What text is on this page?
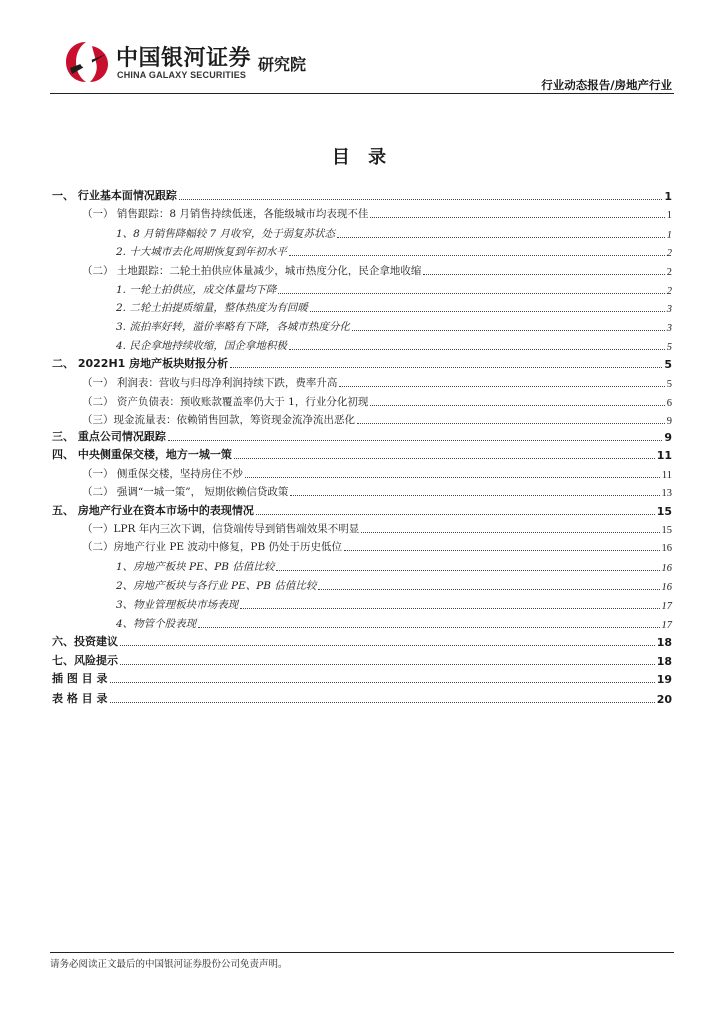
中国银河证券
CHINA GALAXY SECURITIES
研究院
行业动态报告/房地产行业
目 录
一、 行业基本面情况跟踪	1
（一） 销售跟踪：8 月销售持续低迷，各能级城市均表现不佳	1
1、8 月销售降幅较 7 月收窄，处于弱复苏状态	1
2. 十大城市去化周期恢复到年初水平	2
（二） 土地跟踪：二轮土拍供应体量减少，城市热度分化，民企拿地收缩	2
1. 一轮土拍供应，成交体量均下降	2
2. 二轮土拍提质缩量，整体热度为有回暖	3
3. 流拍率好转，溢价率略有下降，各城市热度分化	3
4. 民企拿地持续收缩，国企拿地积极	5
二、 2022H1 房地产板块财报分析	5
（一） 利润表：营收与归母净利润持续下跌，费率升高	5
（二） 资产负债表：预收账款覆盖率仍大于 1，行业分化初现	6
（三）现金流量表：依赖销售回款，筹资现金流净流出恶化	9
三、 重点公司情况跟踪	9
四、 中央侧重保交楼，地方一城一策	11
（一） 侧重保交楼，坚持房住不炒	11
（二） 强调“一城一策”， 短期依赖信贷政策	13
五、 房地产行业在资本市场中的表现情况	15
（一）LPR 年内三次下调，信贷端传导到销售端效果不明显	15
（二）房地产行业 PE 波动中修复，PB 仍处于历史低位	16
1、房地产板块 PE、PB 估值比较	16
2、房地产板块与各行业 PE、PB 估值比较	16
3、物业管理板块市场表现	17
4、物管个股表现	17
六、投资建议	18
七、风险提示	18
插 图 目 录	19
表 格 目 录	20
请务必阅读正文最后的中国银河证券股份公司免责声明。
